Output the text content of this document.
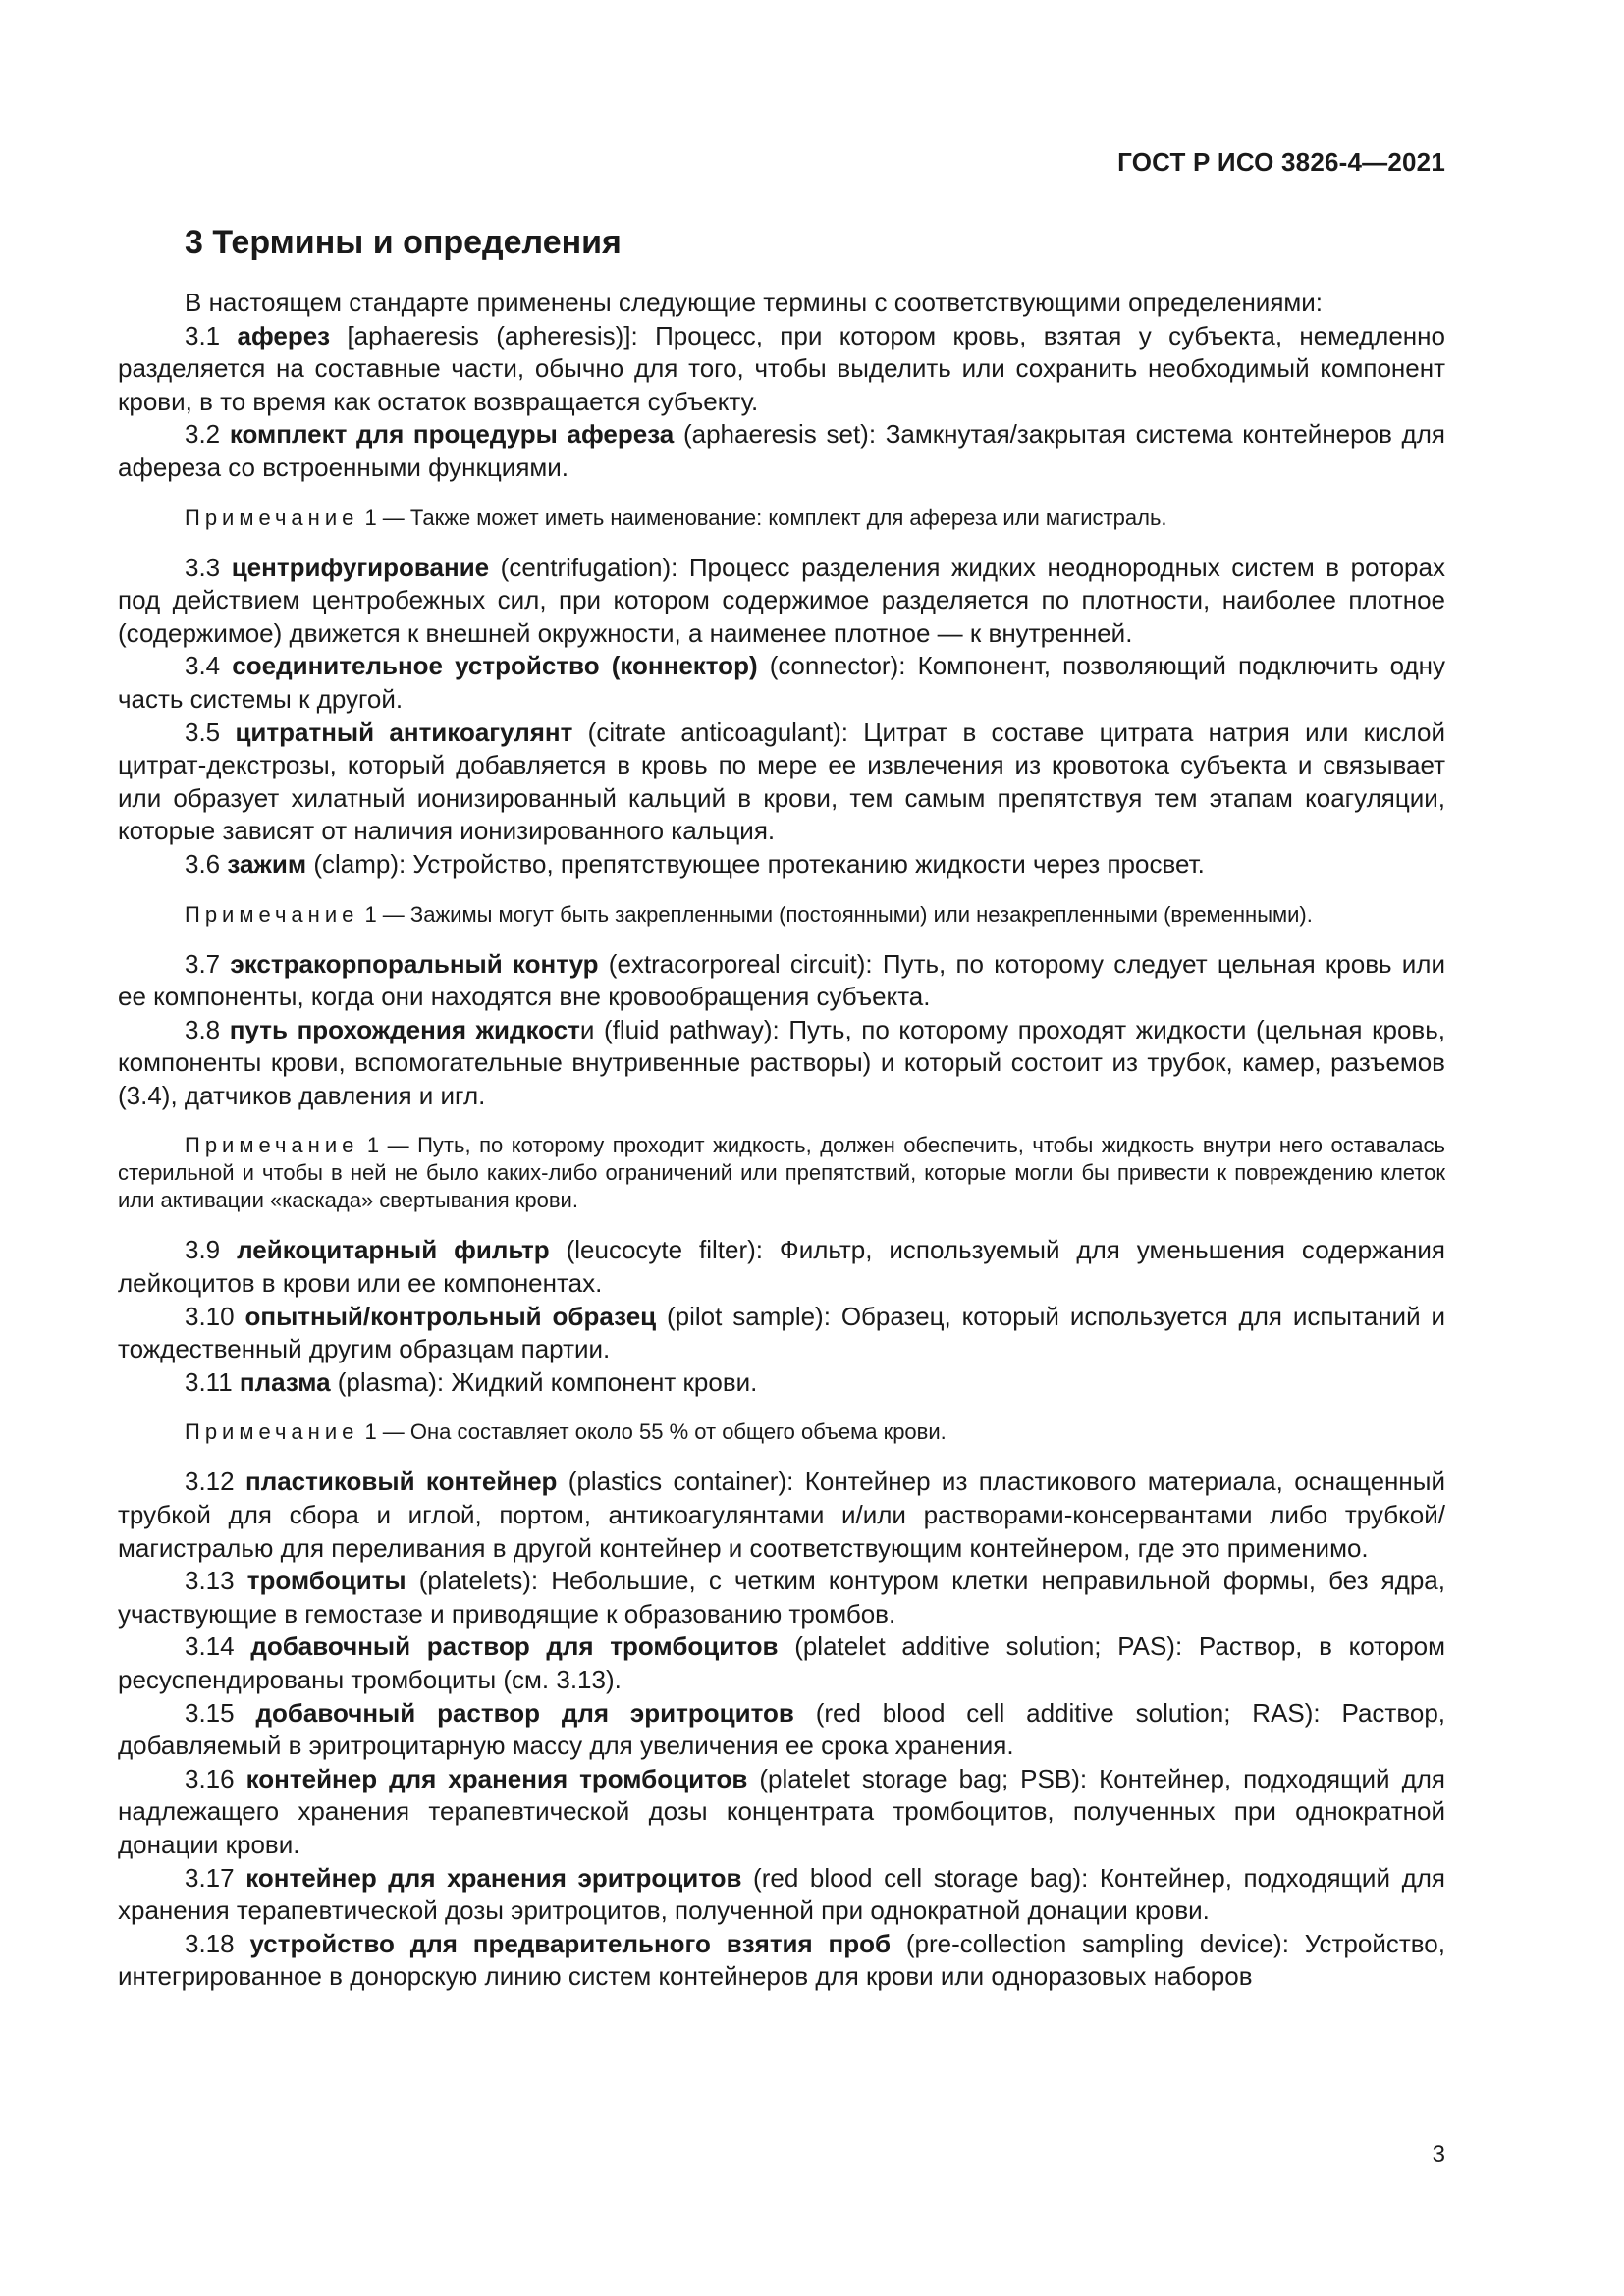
ГОСТ Р ИСО 3826-4—2021
3 Термины и определения

В настоящем стандарте применены следующие термины с соответствующими определениями:

3.1 аферез [aphaeresis (apheresis)]: Процесс, при котором кровь, взятая у субъекта, немедленно разделяется на составные части, обычно для того, чтобы выделить или сохранить необходимый компонент крови, в то время как остаток возвращается субъекту.

3.2 комплект для процедуры афереза (aphaeresis set): Замкнутая/закрытая система контейнеров для афереза со встроенными функциями.

Примечание 1 — Также может иметь наименование: комплект для афереза или магистраль.

3.3 центрифугирование (centrifugation): Процесс разделения жидких неоднородных систем в роторах под действием центробежных сил, при котором содержимое разделяется по плотности, наиболее плотное (содержимое) движется к внешней окружности, а наименее плотное — к внутренней.

3.4 соединительное устройство (коннектор) (connector): Компонент, позволяющий подключить одну часть системы к другой.

3.5 цитратный антикоагулянт (citrate anticoagulant): Цитрат в составе цитрата натрия или кислой цитрат-декстрозы, который добавляется в кровь по мере ее извлечения из кровотока субъекта и связывает или образует хилатный ионизированный кальций в крови, тем самым препятствуя тем этапам коагуляции, которые зависят от наличия ионизированного кальция.

3.6 зажим (clamp): Устройство, препятствующее протеканию жидкости через просвет.

Примечание 1 — Зажимы могут быть закрепленными (постоянными) или незакрепленными (временными).

3.7 экстракорпоральный контур (extracorporeal circuit): Путь, по которому следует цельная кровь или ее компоненты, когда они находятся вне кровообращения субъекта.

3.8 путь прохождения жидкости (fluid pathway): Путь, по которому проходят жидкости (цельная кровь, компоненты крови, вспомогательные внутривенные растворы) и который состоит из трубок, камер, разъемов (3.4), датчиков давления и игл.

Примечание 1 — Путь, по которому проходит жидкость, должен обеспечить, чтобы жидкость внутри него оставалась стерильной и чтобы в ней не было каких-либо ограничений или препятствий, которые могли бы привести к повреждению клеток или активации «каскада» свертывания крови.

3.9 лейкоцитарный фильтр (leucocyte filter): Фильтр, используемый для уменьшения содержания лейкоцитов в крови или ее компонентах.

3.10 опытный/контрольный образец (pilot sample): Образец, который используется для испытаний и тождественный другим образцам партии.

3.11 плазма (plasma): Жидкий компонент крови.

Примечание 1 — Она составляет около 55 % от общего объема крови.

3.12 пластиковый контейнер (plastics container): Контейнер из пластикового материала, оснащенный трубкой для сбора и иглой, портом, антикоагулянтами и/или растворами-консервантами либо трубкой/магистралью для переливания в другой контейнер и соответствующим контейнером, где это применимо.

3.13 тромбоциты (platelets): Небольшие, с четким контуром клетки неправильной формы, без ядра, участвующие в гемостазе и приводящие к образованию тромбов.

3.14 добавочный раствор для тромбоцитов (platelet additive solution; PAS): Раствор, в котором ресуспендированы тромбоциты (см. 3.13).

3.15 добавочный раствор для эритроцитов (red blood cell additive solution; RAS): Раствор, добавляемый в эритроцитарную массу для увеличения ее срока хранения.

3.16 контейнер для хранения тромбоцитов (platelet storage bag; PSB): Контейнер, подходящий для надлежащего хранения терапевтической дозы концентрата тромбоцитов, полученных при однократной донации крови.

3.17 контейнер для хранения эритроцитов (red blood cell storage bag): Контейнер, подходящий для хранения терапевтической дозы эритроцитов, полученной при однократной донации крови.

3.18 устройство для предварительного взятия проб (pre-collection sampling device): Устройство, интегрированное в донорскую линию систем контейнеров для крови или одноразовых наборов

3
